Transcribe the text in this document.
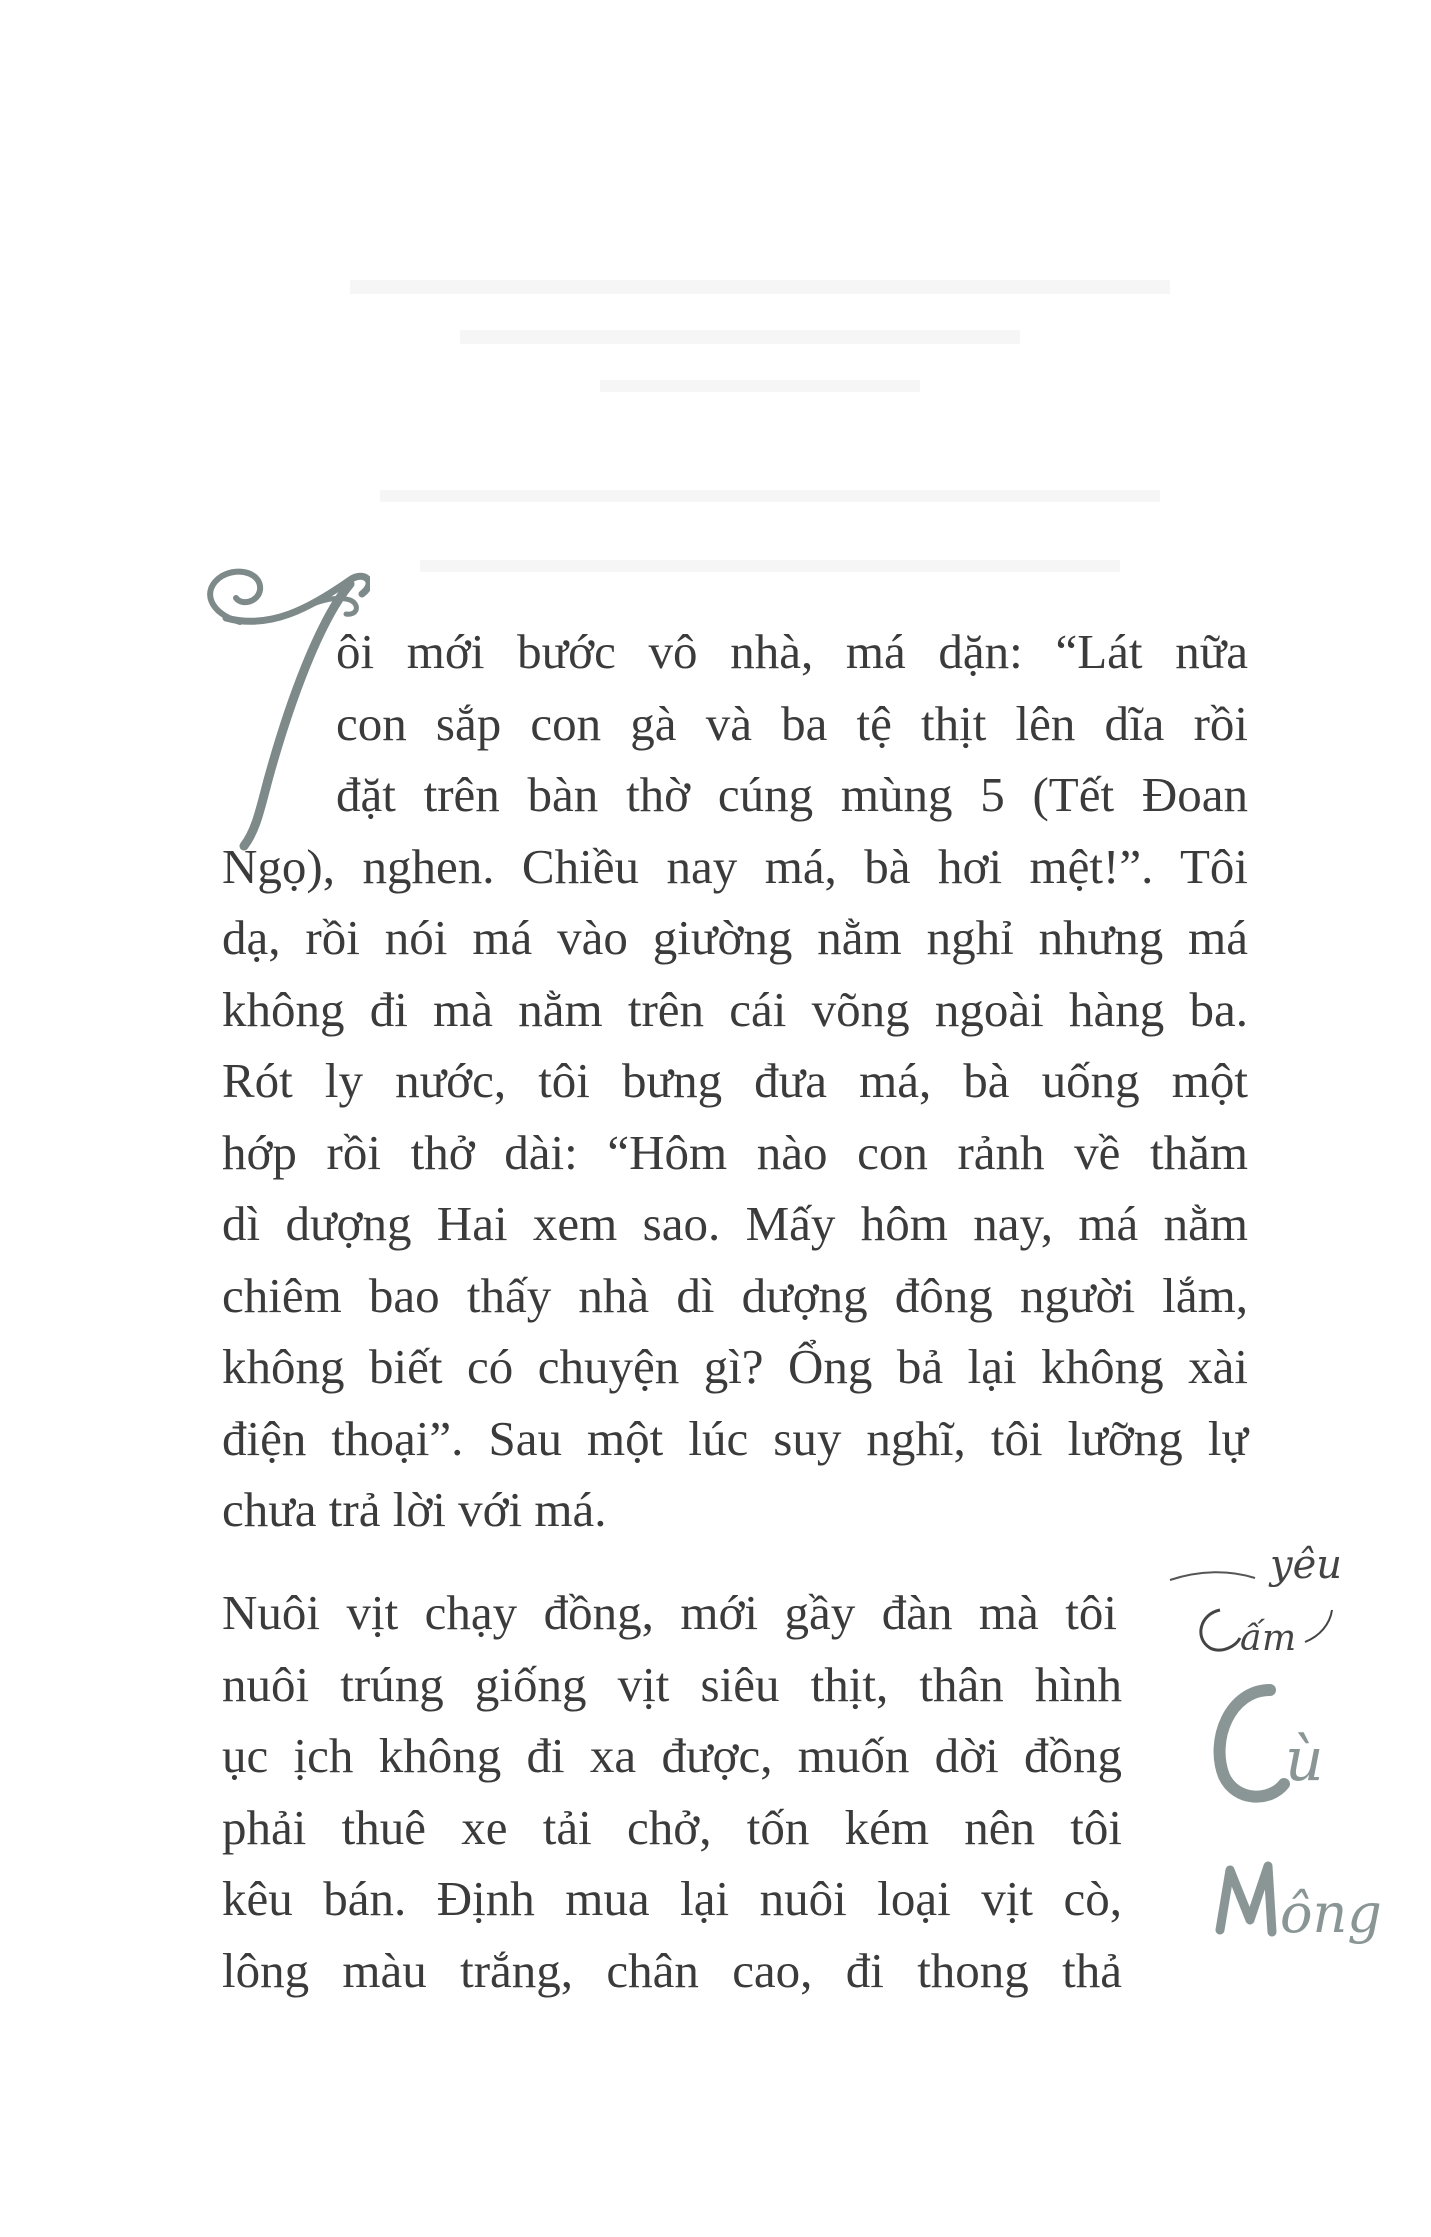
ôi mới bước vô nhà, má dặn: “Lát nữa
con sắp con gà và ba tệ thịt lên dĩa rồi
đặt trên bàn thờ cúng mùng 5 (Tết Đoan
Ngọ), nghen. Chiều nay má, bà hơi mệt!”. Tôi
dạ, rồi nói má vào giường nằm nghỉ nhưng má
không đi mà nằm trên cái võng ngoài hàng ba.
Rót ly nước, tôi bưng đưa má, bà uống một
hớp rồi thở dài: “Hôm nào con rảnh về thăm
dì dượng Hai xem sao. Mấy hôm nay, má nằm
chiêm bao thấy nhà dì dượng đông người lắm,
không biết có chuyện gì? Ổng bả lại không xài
điện thoại”. Sau một lúc suy nghĩ, tôi lưỡng lự
chưa trả lời với má.

Nuôi vịt chạy đồng, mới gầy đàn mà tôi
nuôi trúng giống vịt siêu thịt, thân hình
ục ịch không đi xa được, muốn dời đồng
phải thuê xe tải chở, tốn kém nên tôi
kêu bán. Định mua lại nuôi loại vịt cò,
lông màu trắng, chân cao, đi thong thả

yêu
ấm
ù
ông
